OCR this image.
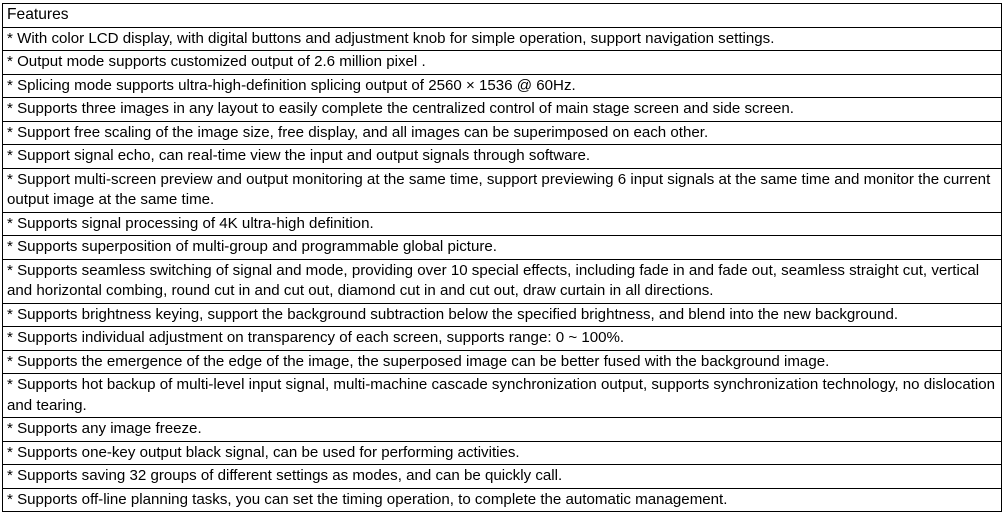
Features
* With color LCD display, with digital buttons and adjustment knob for simple operation, support navigation settings.
* Output mode supports customized output of 2.6 million pixel .
* Splicing mode supports ultra-high-definition splicing output of 2560 × 1536 @ 60Hz.
* Supports three images in any layout to easily complete the centralized control of main stage screen and side screen.
* Support free scaling of the image size, free display, and all images can be superimposed on each other.
* Support signal echo, can real-time view the input and output signals through software.
* Support multi-screen preview and output monitoring at the same time, support previewing 6 input signals at the same time and monitor the current output image at the same time.
* Supports signal processing of 4K ultra-high definition.
* Supports superposition of multi-group and programmable global picture.
* Supports seamless switching of signal and mode, providing over 10 special effects, including fade in and fade out, seamless straight cut, vertical and horizontal combing, round cut in and cut out, diamond cut in and cut out, draw curtain in all directions.
* Supports brightness keying, support the background subtraction below the specified brightness, and blend into the new background.
* Supports individual adjustment on transparency of each screen, supports range: 0 ~ 100%.
* Supports the emergence of the edge of the image, the superposed image can be better fused with the background image.
* Supports hot backup of multi-level input signal, multi-machine cascade synchronization output, supports synchronization technology, no dislocation and tearing.
* Supports any image freeze.
* Supports one-key output black signal, can be used for performing activities.
* Supports saving 32 groups of different settings as modes, and can be quickly call.
* Supports off-line planning tasks, you can set the timing operation, to complete the automatic management.
